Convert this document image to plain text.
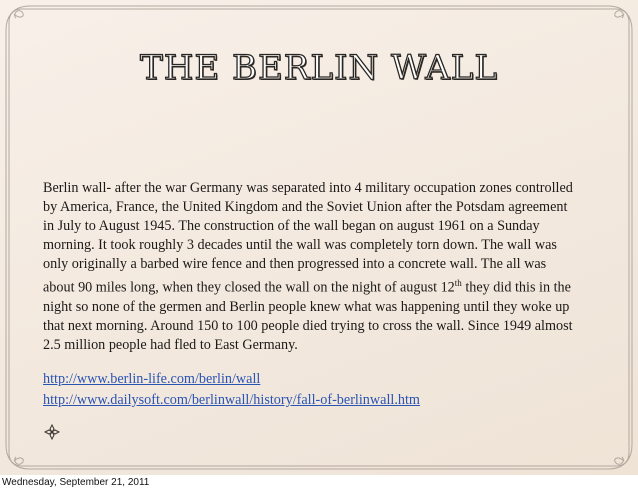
THE BERLIN WALL
Berlin wall- after the war Germany was separated into 4 military occupation zones controlled by America, France, the United Kingdom and the Soviet Union after the Potsdam agreement in July to August 1945. The construction of the wall began on august 1961 on a Sunday morning. It took roughly 3 decades until the wall was completely torn down. The wall was only originally a barbed wire fence and then progressed into a concrete wall. The all was about 90 miles long, when they closed the wall on the night of august 12th they did this in the night so none of the germen and Berlin people knew what was happening until they woke up that next morning. Around 150 to 100 people died trying to cross the wall. Since 1949 almost 2.5 million people had fled to East Germany.
http://www.berlin-life.com/berlin/wall
http://www.dailysoft.com/berlinwall/history/fall-of-berlinwall.htm
Wednesday, September 21, 2011
